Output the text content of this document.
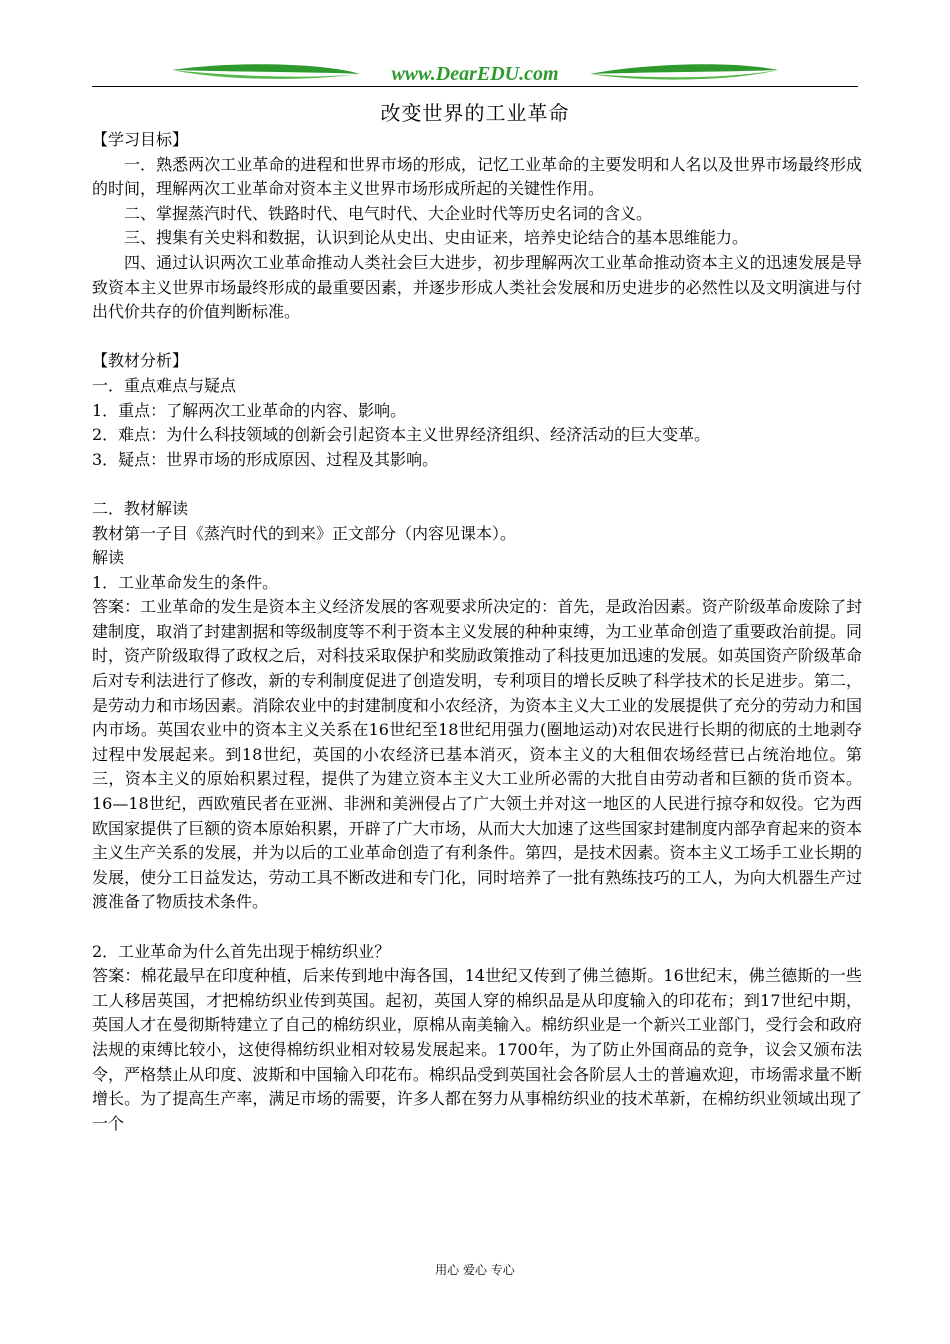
www.DearEDU.com
改变世界的工业革命

【学习目标】

一．熟悉两次工业革命的进程和世界市场的形成，记忆工业革命的主要发明和人名以及世界市场最终形成的时间，理解两次工业革命对资本主义世界市场形成所起的关键性作用。

二、掌握蒸汽时代、铁路时代、电气时代、大企业时代等历史名词的含义。

三、搜集有关史料和数据，认识到论从史出、史由证来，培养史论结合的基本思维能力。

四、通过认识两次工业革命推动人类社会巨大进步，初步理解两次工业革命推动资本主义的迅速发展是导致资本主义世界市场最终形成的最重要因素，并逐步形成人类社会发展和历史进步的必然性以及文明演进与付出代价共存的价值判断标准。

【教材分析】

一．重点难点与疑点

1．重点：了解两次工业革命的内容、影响。

2．难点：为什么科技领域的创新会引起资本主义世界经济组织、经济活动的巨大变革。

3．疑点：世界市场的形成原因、过程及其影响。

二．教材解读

教材第一子目《蒸汽时代的到来》正文部分（内容见课本）。

解读

1．工业革命发生的条件。

答案：工业革命的发生是资本主义经济发展的客观要求所决定的：首先，是政治因素。资产阶级革命废除了封建制度，取消了封建割据和等级制度等不利于资本主义发展的种种束缚，为工业革命创造了重要政治前提。同时，资产阶级取得了政权之后，对科技采取保护和奖励政策推动了科技更加迅速的发展。如英国资产阶级革命后对专利法进行了修改，新的专利制度促进了创造发明，专利项目的增长反映了科学技术的长足进步。第二，是劳动力和市场因素。消除农业中的封建制度和小农经济，为资本主义大工业的发展提供了充分的劳动力和国内市场。英国农业中的资本主义关系在16世纪至18世纪用强力(圈地运动)对农民进行长期的彻底的土地剥夺过程中发展起来。到18世纪，英国的小农经济已基本消灭，资本主义的大租佃农场经营已占统治地位。第三，资本主义的原始积累过程，提供了为建立资本主义大工业所必需的大批自由劳动者和巨额的货币资本。16—18世纪，西欧殖民者在亚洲、非洲和美洲侵占了广大领土并对这一地区的人民进行掠夺和奴役。它为西欧国家提供了巨额的资本原始积累，开辟了广大市场，从而大大加速了这些国家封建制度内部孕育起来的资本主义生产关系的发展，并为以后的工业革命创造了有利条件。第四，是技术因素。资本主义工场手工业长期的发展，使分工日益发达，劳动工具不断改进和专门化，同时培养了一批有熟练技巧的工人，为向大机器生产过渡准备了物质技术条件。

2．工业革命为什么首先出现于棉纺织业？

答案：棉花最早在印度种植，后来传到地中海各国，14世纪又传到了佛兰德斯。16世纪末，佛兰德斯的一些工人移居英国，才把棉纺织业传到英国。起初，英国人穿的棉织品是从印度输入的印花布；到17世纪中期，英国人才在曼彻斯特建立了自己的棉纺织业，原棉从南美输入。棉纺织业是一个新兴工业部门，受行会和政府法规的束缚比较小，这使得棉纺织业相对较易发展起来。1700年，为了防止外国商品的竞争，议会又颁布法令，严格禁止从印度、波斯和中国输入印花布。棉织品受到英国社会各阶层人士的普遍欢迎，市场需求量不断增长。为了提高生产率，满足市场的需要，许多人都在努力从事棉纺织业的技术革新，在棉纺织业领域出现了一个

用心 爱心 专心
